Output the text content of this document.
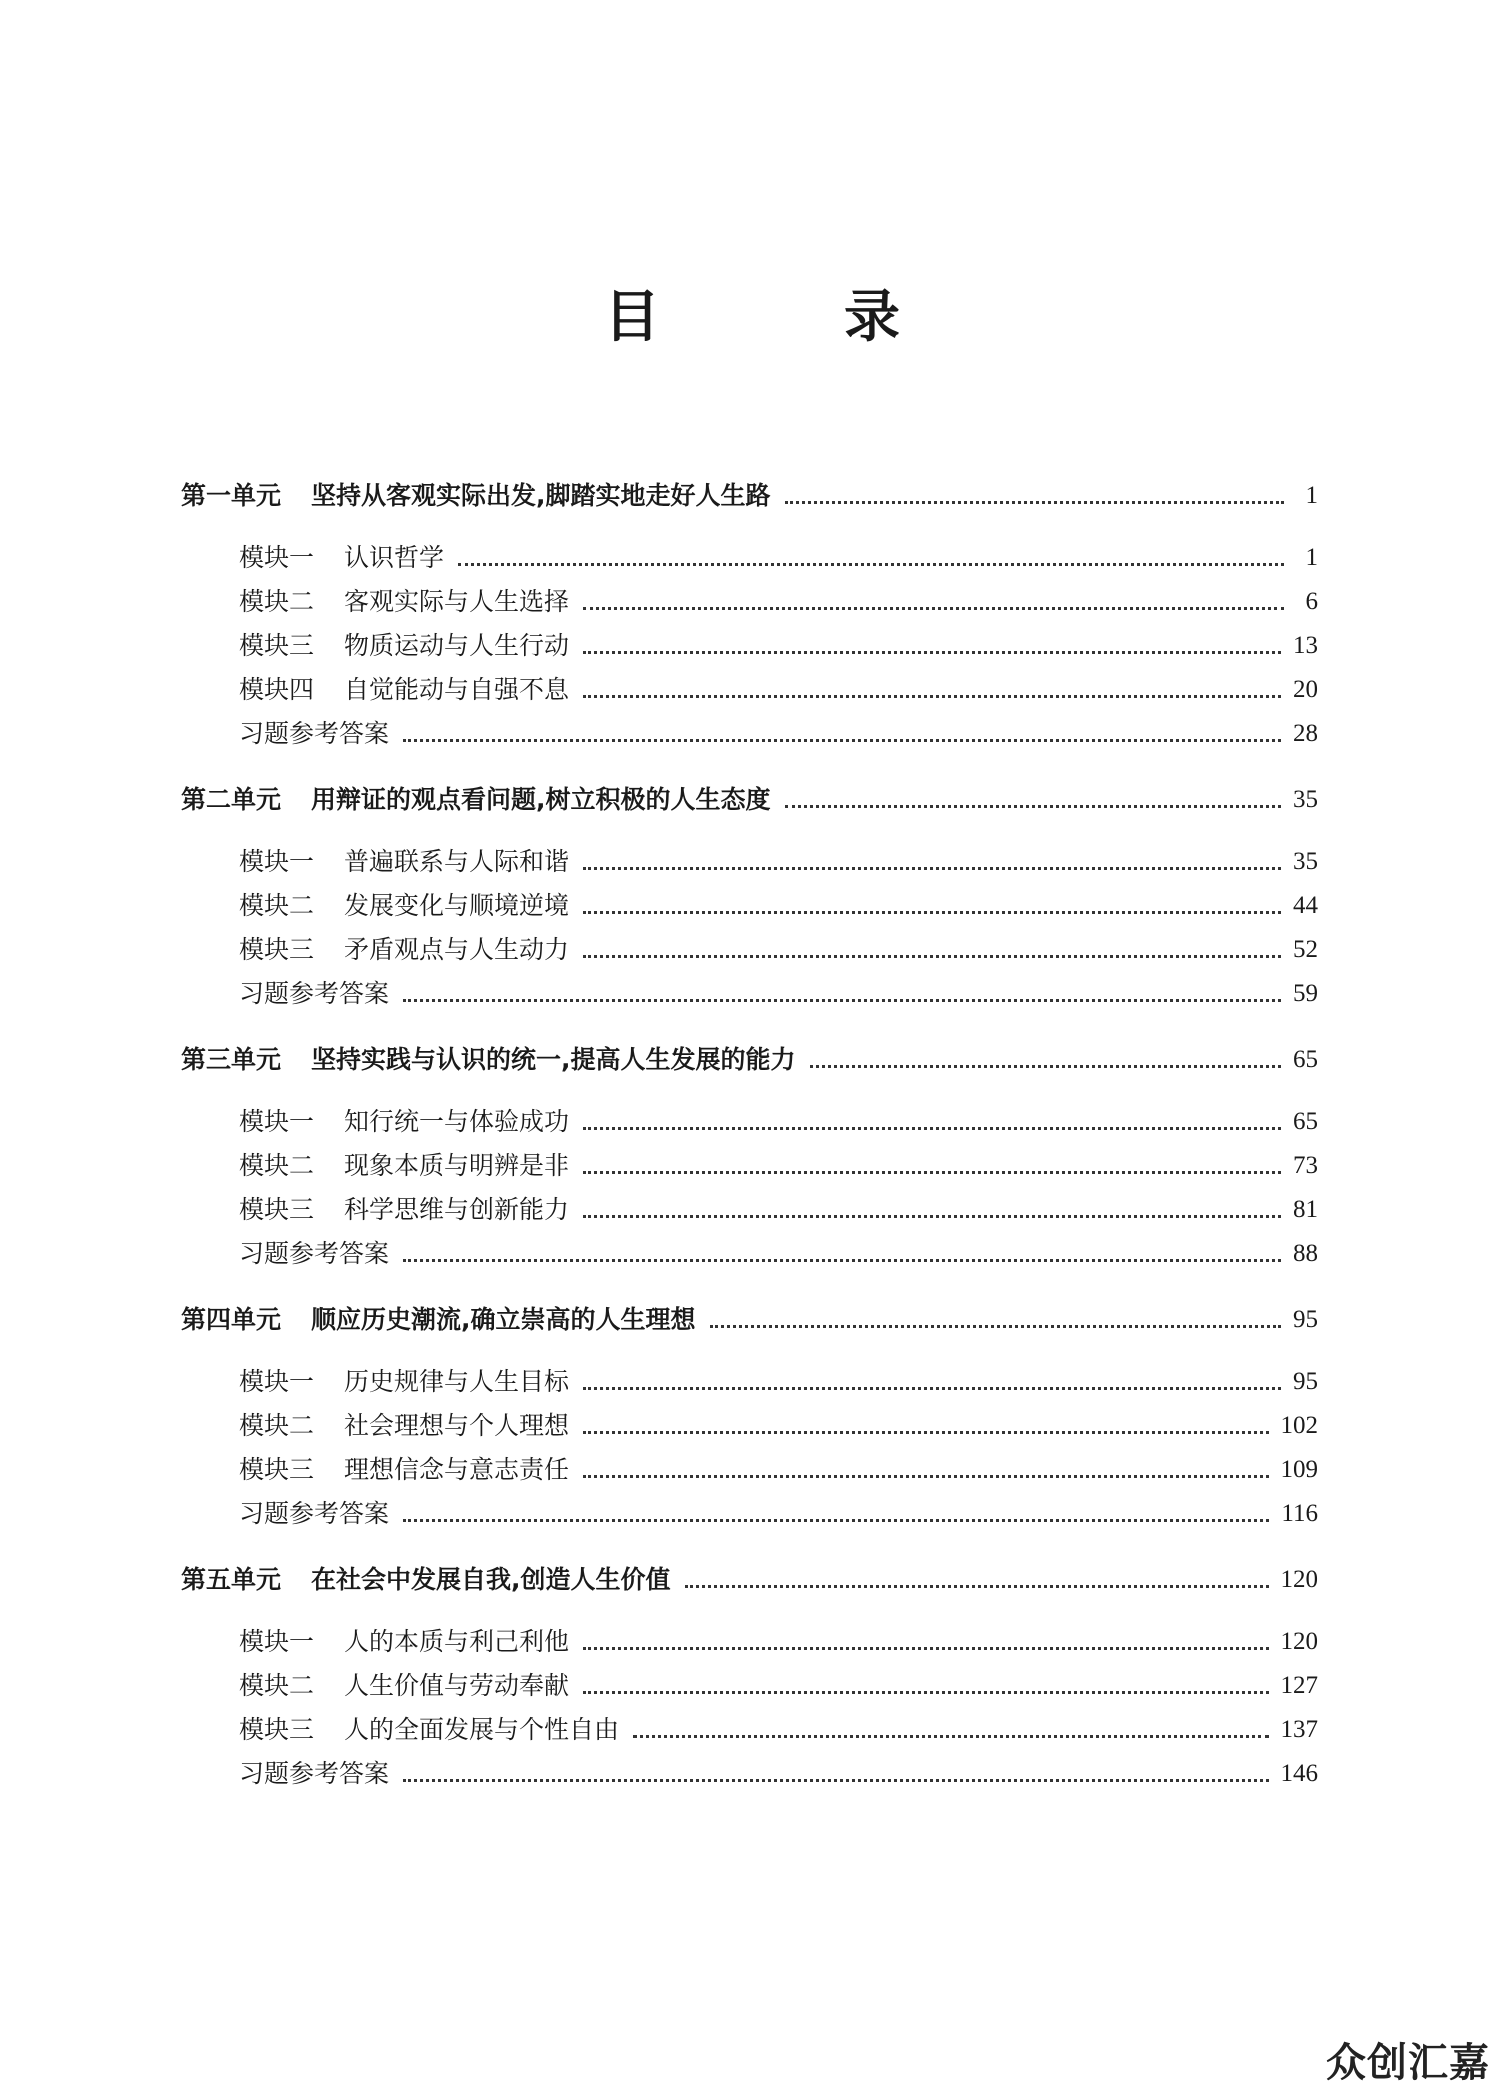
目　录
第一单元 坚持从客观实际出发,脚踏实地走好人生路	1
模块一 认识哲学	1
模块二 客观实际与人生选择	6
模块三 物质运动与人生行动	13
模块四 自觉能动与自强不息	20
习题参考答案	28
第二单元 用辩证的观点看问题,树立积极的人生态度	35
模块一 普遍联系与人际和谐	35
模块二 发展变化与顺境逆境	44
模块三 矛盾观点与人生动力	52
习题参考答案	59
第三单元 坚持实践与认识的统一,提高人生发展的能力	65
模块一 知行统一与体验成功	65
模块二 现象本质与明辨是非	73
模块三 科学思维与创新能力	81
习题参考答案	88
第四单元 顺应历史潮流,确立崇高的人生理想	95
模块一 历史规律与人生目标	95
模块二 社会理想与个人理想	102
模块三 理想信念与意志责任	109
习题参考答案	116
第五单元 在社会中发展自我,创造人生价值	120
模块一 人的本质与利己利他	120
模块二 人生价值与劳动奉献	127
模块三 人的全面发展与个性自由	137
习题参考答案	146
众创汇嘉
